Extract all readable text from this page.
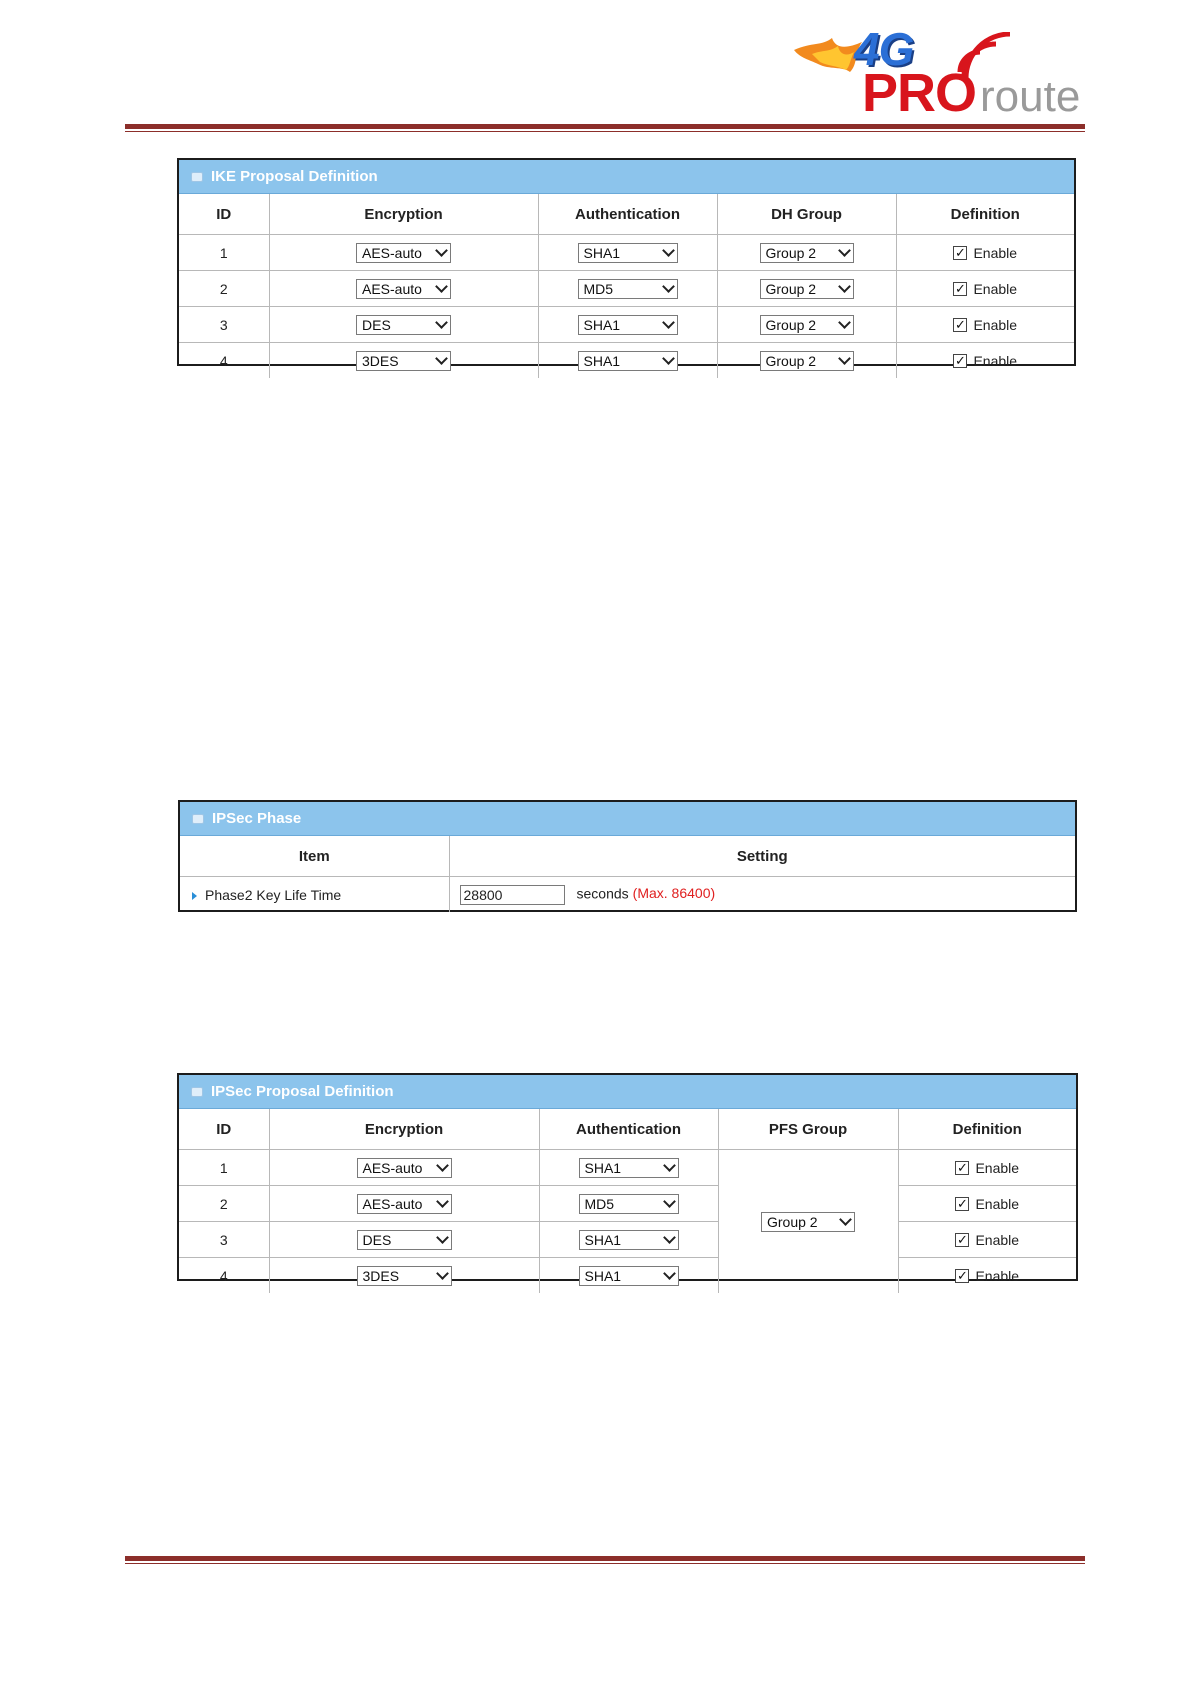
4G
PRO route
IKE Proposal Definition
ID	Encryption	Authentication	DH Group	Definition
1	AES-auto	SHA1	Group 2	✓ Enable

2	AES-auto	MD5	Group 2	✓ Enable

3	DES	SHA1	Group 2	✓ Enable

4	3DES	SHA1	Group 2	✓ Enable
IPSec Phase
Item	Setting
Phase2 Key Life Time	28800 seconds (Max. 86400)
IPSec Proposal Definition
ID	Encryption	Authentication	PFS Group	Definition
1	AES-auto	SHA1	Group 2	✓ Enable

2	AES-auto	MD5		✓ Enable

3	DES	SHA1		✓ Enable

4	3DES	SHA1		✓ Enable
